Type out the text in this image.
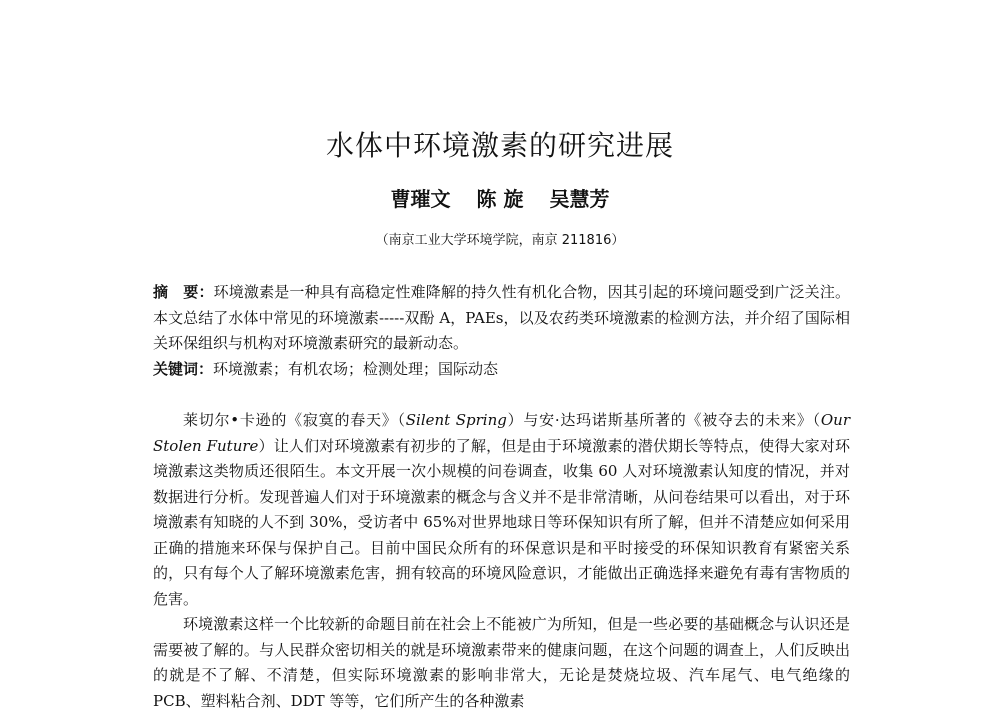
水体中环境激素的研究进展
曹璀文 陈 旋 吴慧芳
（南京工业大学环境学院，南京 211816）
摘　要：环境激素是一种具有高稳定性难降解的持久性有机化合物，因其引起的环境问题受到广泛关注。本文总结了水体中常见的环境激素-----双酚 A，PAEs，以及农药类环境激素的检测方法，并介绍了国际相关环保组织与机构对环境激素研究的最新动态。
关键词：环境激素；有机农场；检测处理；国际动态

莱切尔•卡逊的《寂寞的春天》（Silent Spring）与安·达玛诺斯基所著的《被夺去的未来》（Our Stolen Future）让人们对环境激素有初步的了解，但是由于环境激素的潜伏期长等特点，使得大家对环境激素这类物质还很陌生。本文开展一次小规模的问卷调查，收集 60 人对环境激素认知度的情况，并对数据进行分析。发现普遍人们对于环境激素的概念与含义并不是非常清晰，从问卷结果可以看出，对于环境激素有知晓的人不到 30%，受访者中 65%对世界地球日等环保知识有所了解，但并不清楚应如何采用正确的措施来环保与保护自己。目前中国民众所有的环保意识是和平时接受的环保知识教育有紧密关系的，只有每个人了解环境激素危害，拥有较高的环境风险意识，才能做出正确选择来避免有毒有害物质的危害。

环境激素这样一个比较新的命题目前在社会上不能被广为所知，但是一些必要的基础概念与认识还是需要被了解的。与人民群众密切相关的就是环境激素带来的健康问题，在这个问题的调查上，人们反映出的就是不了解、不清楚，但实际环境激素的影响非常大，无论是焚烧垃圾、汽车尾气、电气绝缘的 PCB、塑料粘合剂、DDT 等等，它们所产生的各种激素
